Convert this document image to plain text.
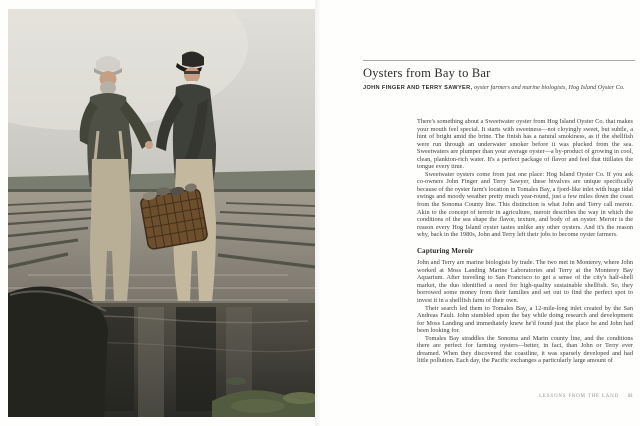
Oysters from Bay to Bar
JOHN FINGER AND TERRY SAWYER, oyster farmers and marine biologists, Hog Island Oyster Co.

There's something about a Sweetwater oyster from Hog Island Oyster Co. that makes your mouth feel special. It starts with sweetness—not cloyingly sweet, but subtle, a hint of bright amid the brine. The finish has a natural smokiness, as if the shellfish were run through an underwater smoker before it was plucked from the sea. Sweetwaters are plumper than your average oyster—a by-product of growing in cool, clean, plankton-rich water. It's a perfect package of flavor and feel that titillates the tongue every time.

Sweetwater oysters come from just one place: Hog Island Oyster Co. If you ask co-owners John Finger and Terry Sawyer, these bivalves are unique specifically because of the oyster farm's location in Tomales Bay, a fjord-like inlet with huge tidal swings and moody weather pretty much year-round, just a few miles down the coast from the Sonoma County line. This distinction is what John and Terry call meroir. Akin to the concept of terroir in agriculture, meroir describes the way in which the conditions of the sea shape the flavor, texture, and body of an oyster. Meroir is the reason every Hog Island oyster tastes unlike any other oysters. And it's the reason why, back in the 1980s, John and Terry left their jobs to become oyster farmers.

Capturing Meroir

John and Terry are marine biologists by trade. The two met in Monterey, where John worked at Moss Landing Marine Laboratories and Terry at the Monterey Bay Aquarium. After traveling to San Francisco to get a sense of the city's half-shell market, the duo identified a need for high-quality sustainable shellfish. So, they borrowed some money from their families and set out to find the perfect spot to invest it in a shellfish farm of their own.

Their search led them to Tomales Bay, a 12-mile-long inlet created by the San Andreas Fault. John stumbled upon the bay while doing research and development for Moss Landing and immediately knew he'd found just the place he and John had been looking for.

Tomales Bay straddles the Sonoma and Marin county line, and the conditions there are perfect for farming oysters—better, in fact, than John or Terry ever dreamed. When they discovered the coastline, it was sparsely developed and had little pollution. Each day, the Pacific exchanges a particularly large amount of

LESSONS FROM THE LAND 81
